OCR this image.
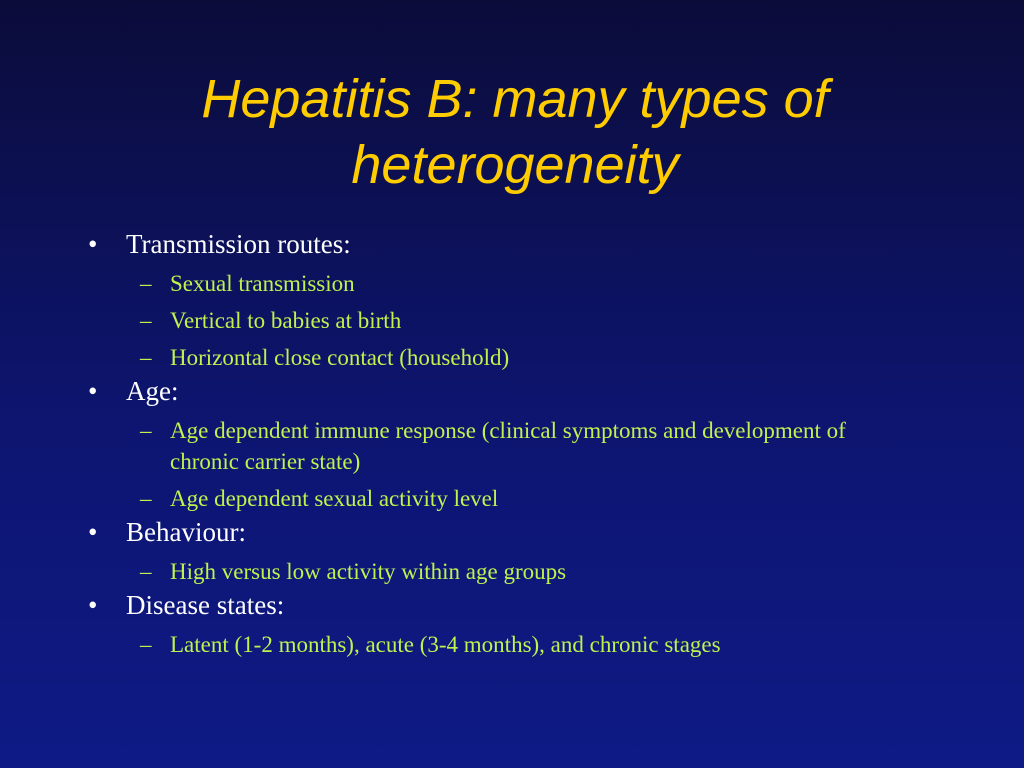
Hepatitis B: many types of heterogeneity
• Transmission routes:
– Sexual transmission
– Vertical to babies at birth
– Horizontal close contact (household)
• Age:
– Age dependent immune response (clinical symptoms and development of chronic carrier state)
– Age dependent sexual activity level
• Behaviour:
– High versus low activity within age groups
• Disease states:
– Latent (1-2 months), acute (3-4 months), and chronic stages
